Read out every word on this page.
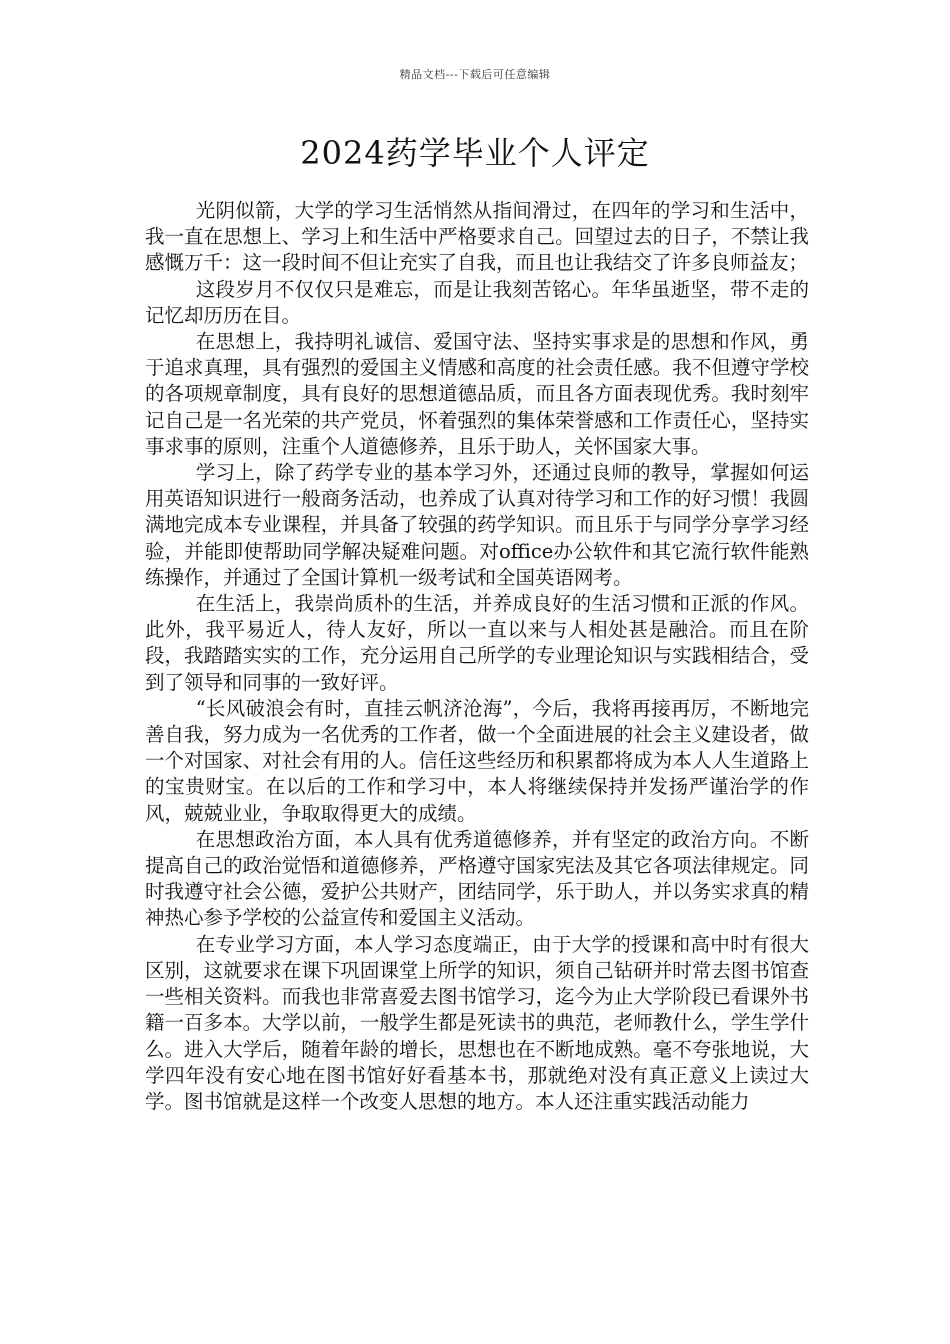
精品文档---下载后可任意编辑
2024药学毕业个人评定

光阴似箭，大学的学习生活悄然从指间滑过，在四年的学习和生活中，我一直在思想上、学习上和生活中严格要求自己。回望过去的日子，不禁让我感慨万千：这一段时间不但让充实了自我，而且也让我结交了许多良师益友；

这段岁月不仅仅只是难忘，而是让我刻苦铭心。年华虽逝坚，带不走的记忆却历历在目。

在思想上，我持明礼诚信、爱国守法、坚持实事求是的思想和作风，勇于追求真理，具有强烈的爱国主义情感和高度的社会责任感。我不但遵守学校的各项规章制度，具有良好的思想道德品质，而且各方面表现优秀。我时刻牢记自己是一名光荣的共产党员，怀着强烈的集体荣誉感和工作责任心，坚持实事求事的原则，注重个人道德修养，且乐于助人，关怀国家大事。

学习上，除了药学专业的基本学习外，还通过良师的教导，掌握如何运用英语知识进行一般商务活动，也养成了认真对待学习和工作的好习惯！我圆满地完成本专业课程，并具备了较强的药学知识。而且乐于与同学分享学习经验，并能即使帮助同学解决疑难问题。对office办公软件和其它流行软件能熟练操作，并通过了全国计算机一级考试和全国英语网考。

在生活上，我崇尚质朴的生活，并养成良好的生活习惯和正派的作风。此外，我平易近人，待人友好，所以一直以来与人相处甚是融洽。而且在阶段，我踏踏实实的工作，充分运用自己所学的专业理论知识与实践相结合，受到了领导和同事的一致好评。

“长风破浪会有时，直挂云帆济沧海”，今后，我将再接再厉，不断地完善自我，努力成为一名优秀的工作者，做一个全面进展的社会主义建设者，做一个对国家、对社会有用的人。信任这些经历和积累都将成为本人人生道路上的宝贵财宝。在以后的工作和学习中，本人将继续保持并发扬严谨治学的作风，兢兢业业，争取取得更大的成绩。

在思想政治方面，本人具有优秀道德修养，并有坚定的政治方向。不断提高自己的政治觉悟和道德修养，严格遵守国家宪法及其它各项法律规定。同时我遵守社会公德，爱护公共财产，团结同学，乐于助人，并以务实求真的精神热心参予学校的公益宣传和爱国主义活动。

在专业学习方面，本人学习态度端正，由于大学的授课和高中时有很大区别，这就要求在课下巩固课堂上所学的知识，须自己钻研并时常去图书馆查一些相关资料。而我也非常喜爱去图书馆学习，迄今为止大学阶段已看课外书籍一百多本。大学以前，一般学生都是死读书的典范，老师教什么，学生学什么。进入大学后，随着年龄的增长，思想也在不断地成熟。毫不夸张地说，大学四年没有安心地在图书馆好好看基本书，那就绝对没有真正意义上读过大学。图书馆就是这样一个改变人思想的地方。本人还注重实践活动能力
